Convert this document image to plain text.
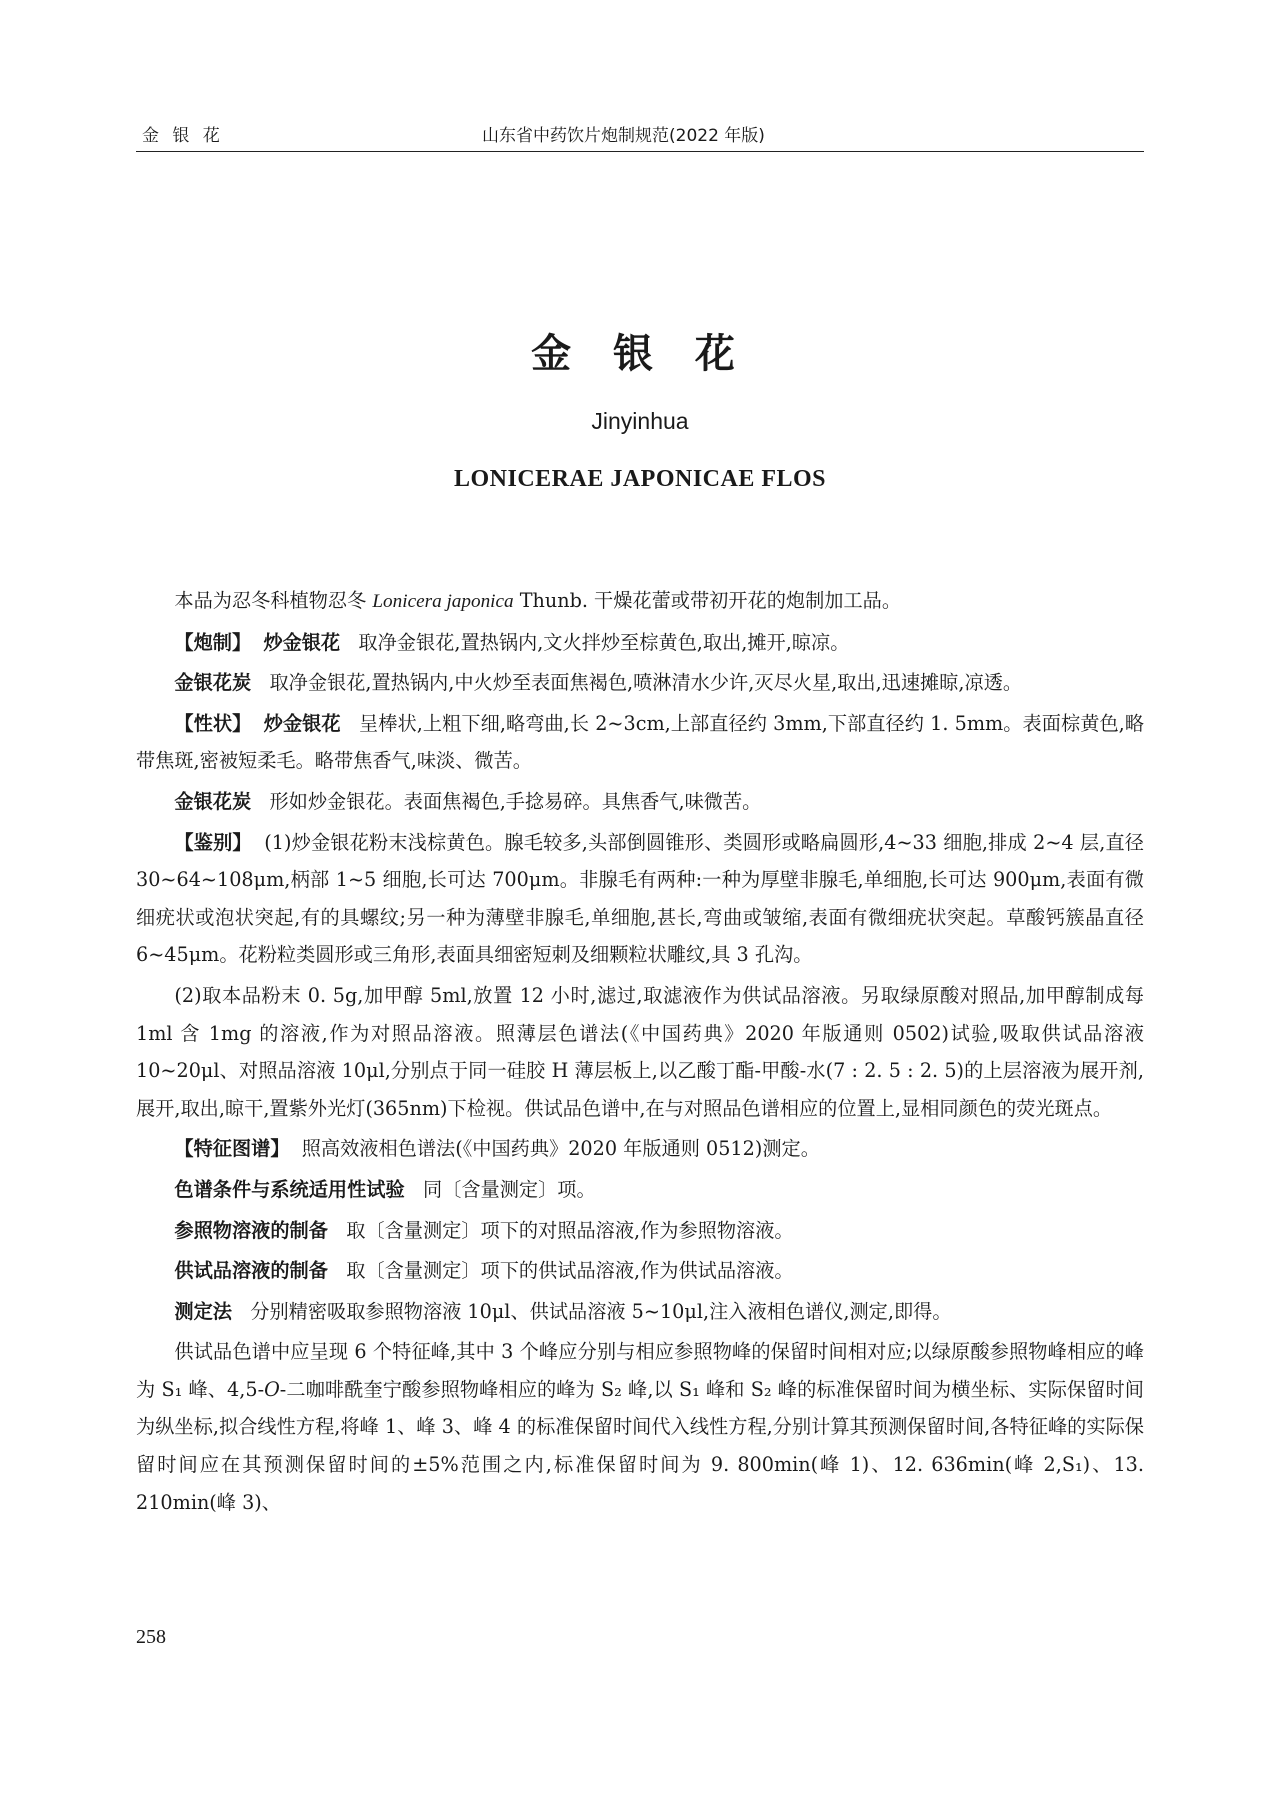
金 银 花	山东省中药饮片炮制规范(2022 年版)
金 银 花
Jinyinhua
LONICERAE JAPONICAE FLOS

本品为忍冬科植物忍冬 Lonicera japonica Thunb. 干燥花蕾或带初开花的炮制加工品。

【炮制】 炒金银花 取净金银花,置热锅内,文火拌炒至棕黄色,取出,摊开,晾凉。

金银花炭 取净金银花,置热锅内,中火炒至表面焦褐色,喷淋清水少许,灭尽火星,取出,迅速摊晾,凉透。

【性状】 炒金银花 呈棒状,上粗下细,略弯曲,长 2~3cm,上部直径约 3mm,下部直径约 1. 5mm。表面棕黄色,略带焦斑,密被短柔毛。略带焦香气,味淡、微苦。

金银花炭 形如炒金银花。表面焦褐色,手捻易碎。具焦香气,味微苦。

【鉴别】 (1)炒金银花粉末浅棕黄色。腺毛较多,头部倒圆锥形、类圆形或略扁圆形,4~33 细胞,排成 2~4 层,直径 30~64~108μm,柄部 1~5 细胞,长可达 700μm。非腺毛有两种:一种为厚壁非腺毛,单细胞,长可达 900μm,表面有微细疣状或泡状突起,有的具螺纹;另一种为薄壁非腺毛,单细胞,甚长,弯曲或皱缩,表面有微细疣状突起。草酸钙簇晶直径 6~45μm。花粉粒类圆形或三角形,表面具细密短刺及细颗粒状雕纹,具 3 孔沟。

(2)取本品粉末 0. 5g,加甲醇 5ml,放置 12 小时,滤过,取滤液作为供试品溶液。另取绿原酸对照品,加甲醇制成每 1ml 含 1mg 的溶液,作为对照品溶液。照薄层色谱法(《中国药典》2020 年版通则 0502)试验,吸取供试品溶液 10~20μl、对照品溶液 10μl,分别点于同一硅胶 H 薄层板上,以乙酸丁酯-甲酸-水(7 : 2. 5 : 2. 5)的上层溶液为展开剂,展开,取出,晾干,置紫外光灯(365nm)下检视。供试品色谱中,在与对照品色谱相应的位置上,显相同颜色的荧光斑点。

【特征图谱】 照高效液相色谱法(《中国药典》2020 年版通则 0512)测定。

色谱条件与系统适用性试验 同〔含量测定〕项。

参照物溶液的制备 取〔含量测定〕项下的对照品溶液,作为参照物溶液。

供试品溶液的制备 取〔含量测定〕项下的供试品溶液,作为供试品溶液。

测定法 分别精密吸取参照物溶液 10μl、供试品溶液 5~10μl,注入液相色谱仪,测定,即得。

供试品色谱中应呈现 6 个特征峰,其中 3 个峰应分别与相应参照物峰的保留时间相对应;以绿原酸参照物峰相应的峰为 S₁ 峰、4,5-O-二咖啡酰奎宁酸参照物峰相应的峰为 S₂ 峰,以 S₁ 峰和 S₂ 峰的标准保留时间为横坐标、实际保留时间为纵坐标,拟合线性方程,将峰 1、峰 3、峰 4 的标准保留时间代入线性方程,分别计算其预测保留时间,各特征峰的实际保留时间应在其预测保留时间的±5%范围之内,标准保留时间为 9. 800min(峰 1)、12. 636min(峰 2,S₁)、13. 210min(峰 3)、

258
